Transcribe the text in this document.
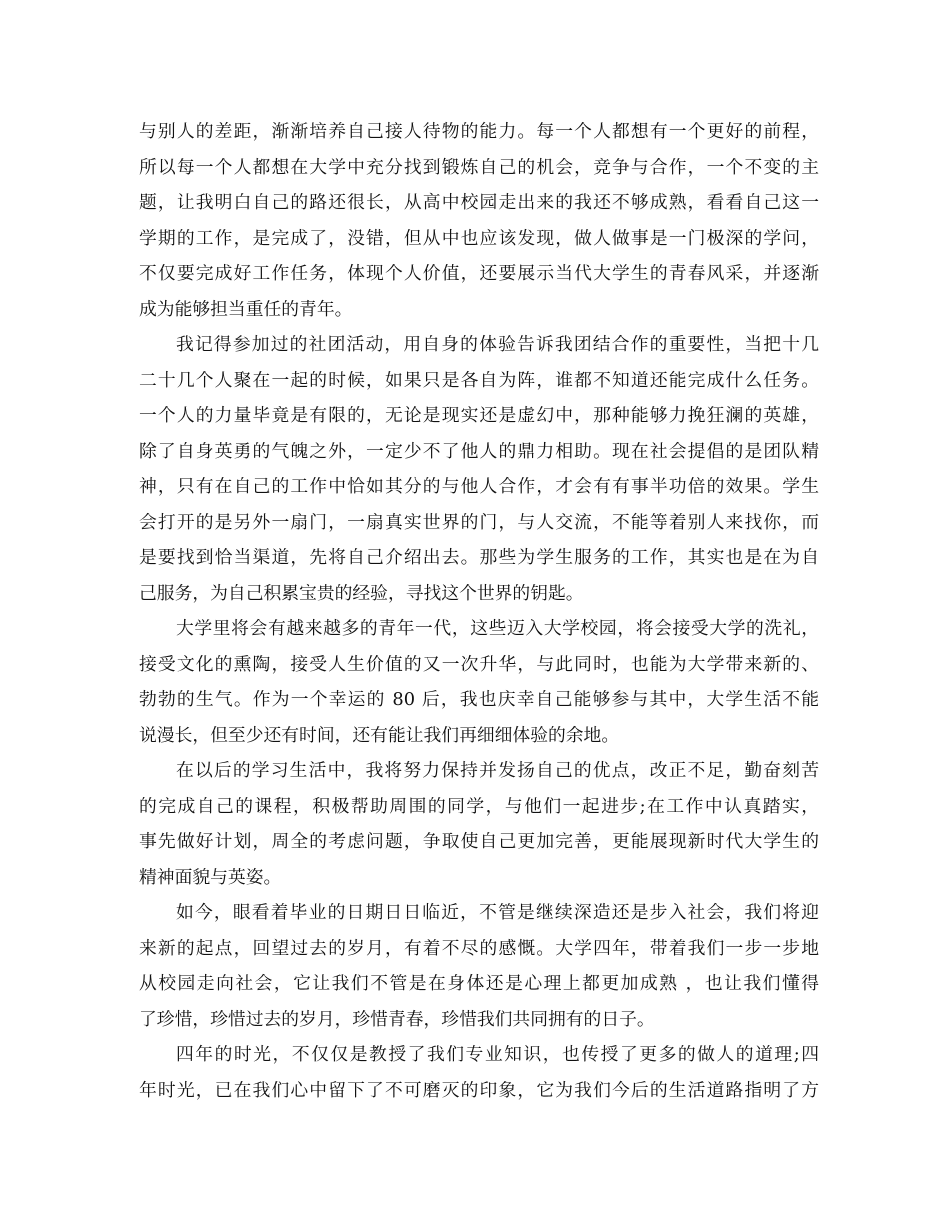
与别人的差距，渐渐培养自己接人待物的能力。每一个人都想有一个更好的前程，
所以每一个人都想在大学中充分找到锻炼自己的机会，竞争与合作，一个不变的主
题，让我明白自己的路还很长，从高中校园走出来的我还不够成熟，看看自己这一
学期的工作，是完成了，没错，但从中也应该发现，做人做事是一门极深的学问，
不仅要完成好工作任务，体现个人价值，还要展示当代大学生的青春风采，并逐渐
成为能够担当重任的青年。
我记得参加过的社团活动，用自身的体验告诉我团结合作的重要性，当把十几
二十几个人聚在一起的时候，如果只是各自为阵，谁都不知道还能完成什么任务。
一个人的力量毕竟是有限的，无论是现实还是虚幻中，那种能够力挽狂澜的英雄，
除了自身英勇的气魄之外，一定少不了他人的鼎力相助。现在社会提倡的是团队精
神，只有在自己的工作中恰如其分的与他人合作，才会有有事半功倍的效果。学生
会打开的是另外一扇门，一扇真实世界的门，与人交流，不能等着别人来找你，而
是要找到恰当渠道，先将自己介绍出去。那些为学生服务的工作，其实也是在为自
己服务，为自己积累宝贵的经验，寻找这个世界的钥匙。
大学里将会有越来越多的青年一代，这些迈入大学校园，将会接受大学的洗礼，
接受文化的熏陶，接受人生价值的又一次升华，与此同时，也能为大学带来新的、
勃勃的生气。作为一个幸运的 80 后，我也庆幸自己能够参与其中，大学生活不能
说漫长，但至少还有时间，还有能让我们再细细体验的余地。
在以后的学习生活中，我将努力保持并发扬自己的优点，改正不足，勤奋刻苦
的完成自己的课程，积极帮助周围的同学，与他们一起进步;在工作中认真踏实，
事先做好计划，周全的考虑问题，争取使自己更加完善，更能展现新时代大学生的
精神面貌与英姿。
如今，眼看着毕业的日期日日临近，不管是继续深造还是步入社会，我们将迎
来新的起点，回望过去的岁月，有着不尽的感慨。大学四年，带着我们一步一步地
从校园走向社会，它让我们不管是在身体还是心理上都更加成熟 ，也让我们懂得
了珍惜，珍惜过去的岁月，珍惜青春，珍惜我们共同拥有的日子。
四年的时光，不仅仅是教授了我们专业知识，也传授了更多的做人的道理;四
年时光，已在我们心中留下了不可磨灭的印象，它为我们今后的生活道路指明了方
